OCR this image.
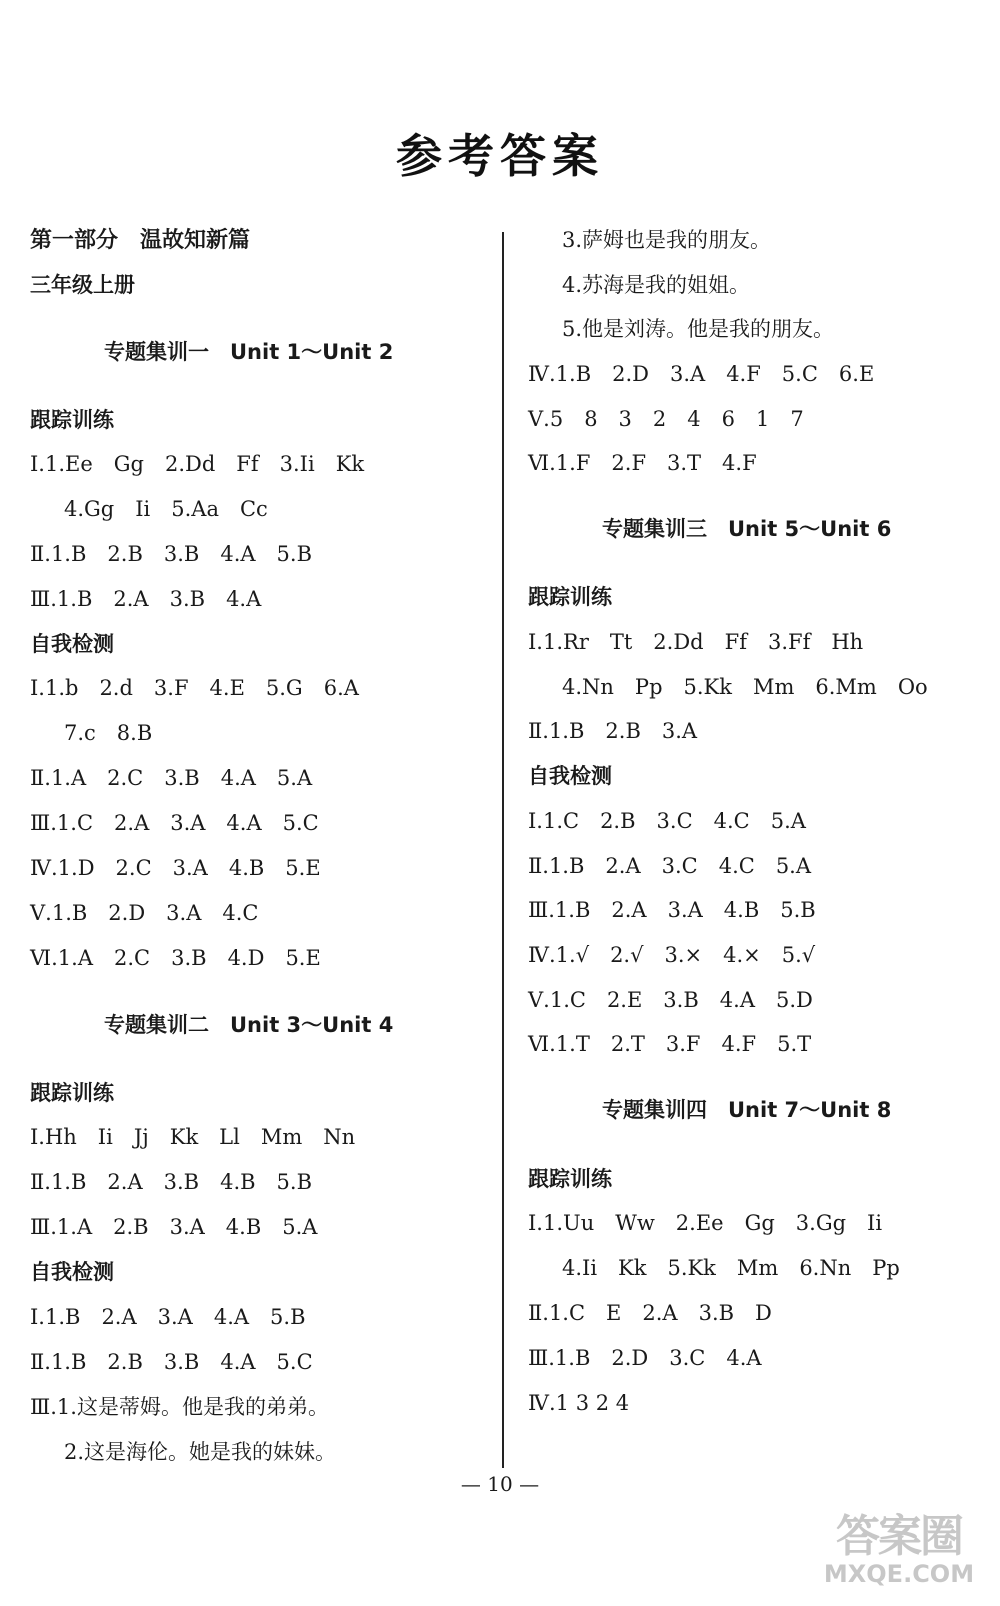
参考答案
第一部分　温故知新篇
三年级上册
专题集训一　Unit 1～Unit 2
跟踪训练
Ⅰ.1.Ee　Gg　2.Dd　Ff　3.Ii　Kk
4.Gg　Ii　5.Aa　Cc
Ⅱ.1.B　2.B　3.B　4.A　5.B
Ⅲ.1.B　2.A　3.B　4.A
自我检测
Ⅰ.1.b　2.d　3.F　4.E　5.G　6.A
7.c　8.B
Ⅱ.1.A　2.C　3.B　4.A　5.A
Ⅲ.1.C　2.A　3.A　4.A　5.C
Ⅳ.1.D　2.C　3.A　4.B　5.E
Ⅴ.1.B　2.D　3.A　4.C
Ⅵ.1.A　2.C　3.B　4.D　5.E
专题集训二　Unit 3～Unit 4
跟踪训练
Ⅰ.Hh　Ii　Jj　Kk　Ll　Mm　Nn
Ⅱ.1.B　2.A　3.B　4.B　5.B
Ⅲ.1.A　2.B　3.A　4.B　5.A
自我检测
Ⅰ.1.B　2.A　3.A　4.A　5.B
Ⅱ.1.B　2.B　3.B　4.A　5.C
Ⅲ.1.这是蒂姆。他是我的弟弟。
2.这是海伦。她是我的妹妹。
3.萨姆也是我的朋友。
4.苏海是我的姐姐。
5.他是刘涛。他是我的朋友。
Ⅳ.1.B　2.D　3.A　4.F　5.C　6.E
Ⅴ.5　8　3　2　4　6　1　7
Ⅵ.1.F　2.F　3.T　4.F
专题集训三　Unit 5～Unit 6
跟踪训练
Ⅰ.1.Rr　Tt　2.Dd　Ff　3.Ff　Hh
4.Nn　Pp　5.Kk　Mm　6.Mm　Oo
Ⅱ.1.B　2.B　3.A
自我检测
Ⅰ.1.C　2.B　3.C　4.C　5.A
Ⅱ.1.B　2.A　3.C　4.C　5.A
Ⅲ.1.B　2.A　3.A　4.B　5.B
Ⅳ.1.√　2.√　3.×　4.×　5.√
Ⅴ.1.C　2.E　3.B　4.A　5.D
Ⅵ.1.T　2.T　3.F　4.F　5.T
专题集训四　Unit 7～Unit 8
跟踪训练
Ⅰ.1.Uu　Ww　2.Ee　Gg　3.Gg　Ii
4.Ii　Kk　5.Kk　Mm　6.Nn　Pp
Ⅱ.1.C　E　2.A　3.B　D
Ⅲ.1.B　2.D　3.C　4.A
Ⅳ.1 3 2 4
— 10 —
答案圈
MXQE.COM
